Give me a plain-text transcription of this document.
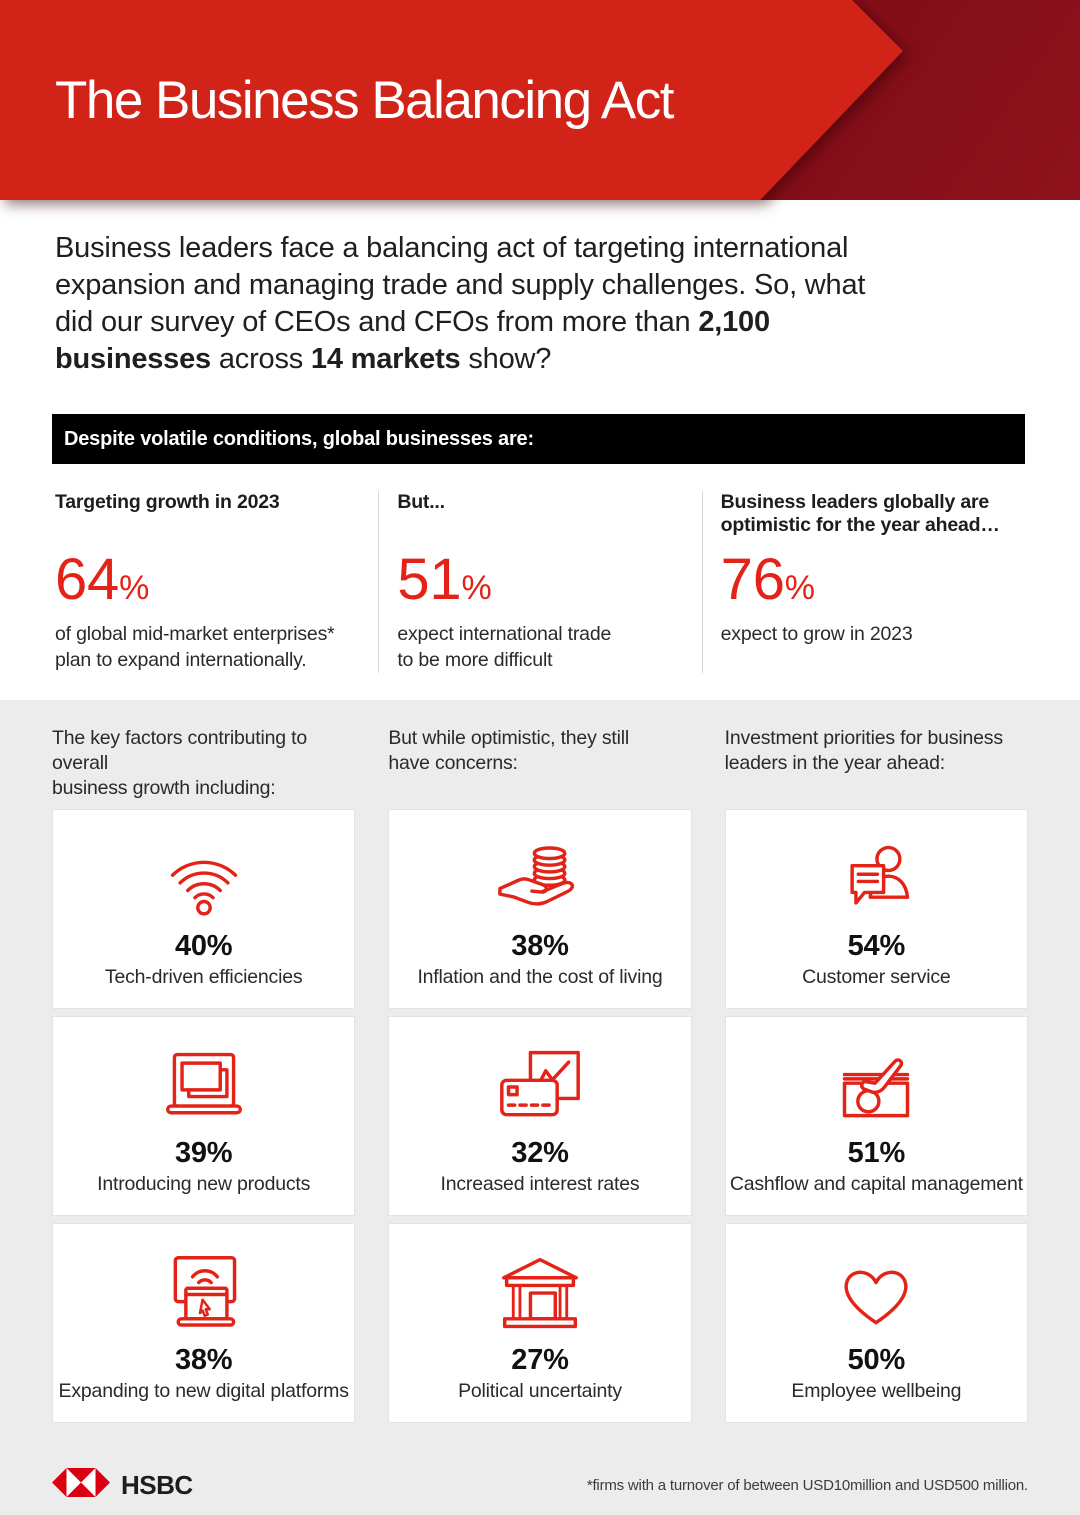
The Business Balancing Act

Business leaders face a balancing act of targeting international expansion and managing trade and supply challenges. So, what did our survey of CEOs and CFOs from more than 2,100 businesses across 14 markets show?

Despite volatile conditions, global businesses are:
Targeting growth in 2023
64%
of global mid-market enterprises*
plan to expand internationally.
But...
51%
expect international trade
to be more difficult
Business leaders globally are
optimistic for the year ahead…
76%
expect to grow in 2023
The key factors contributing to overall
business growth including:
40%
Tech-driven efficiencies
39%
Introducing new products
38%
Expanding to new digital platforms
But while optimistic, they still
have concerns:
38%
Inflation and the cost of living
32%
Increased interest rates
27%
Political uncertainty
Investment priorities for business
leaders in the year ahead:
54%
Customer service
51%
Cashflow and capital management
50%
Employee wellbeing
HSBC	*firms with a turnover of between USD10million and USD500 million.
